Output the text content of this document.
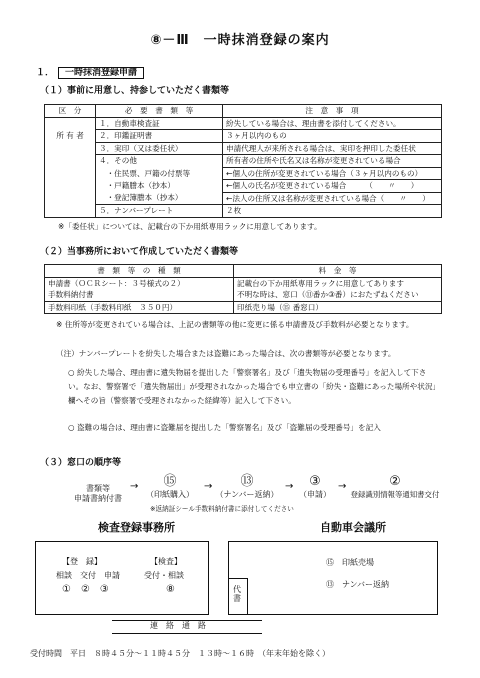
⑧－Ⅲ　一時抹消登録の案内
１． 一時抹消登録申請
（１）事前に用意し、持参していただく書類等
区　分	必　要　書　類　等	注　意　事　項
	１．自動車検査証	紛失している場合は、理由書を添付してください。
所 有 者	２．印鑑証明書	３ヶ月以内のもの
	３．実印（又は委任状）	申請代理人が来所される場合は、実印を押印した委任状
	４．その他	所有者の住所や氏名又は名称が変更されている場合
	　・住民票、戸籍の付票等	←個人の住所が変更されている場合（３ヶ月以内のもの）
	　・戸籍謄本（抄本）	←個人の氏名が変更されている場合　　　（　　〃　　）
	　・登記簿謄本（抄本）	←法人の住所又は名称が変更されている場合（　　〃　　）
	５．ナンバープレート	２枚
※「委任状」については、記載台の下か用紙専用ラックに用意してあります。
（２）当事務所において作成していただく書類等
書　類　等　の　種　類	料　金　等
申請書（ＯＣＲシート：３号様式の２）	記載台の下か用紙専用ラックに用意してあります
手数料納付書	不明な時は、窓口（⑪番か③番）におたずねください
手数料印紙（手数料印紙　３５０円）	印紙売り場（⑮ 番窓口）
※ 住所等が変更されている場合は、上記の書類等の他に変更に係る申請書及び手数料が必要となります。
（注）ナンバープレートを紛失した場合または盗難にあった場合は、次の書類等が必要となります。
○ 紛失した場合、理由書に遺失物届を提出した「警察署名」及び「遺失物届の受理番号」を記入して下さい。なお、警察署で「遺失物届出」が受理されなかった場合でも申立書の「紛失・盗難にあった場所や状況」欄へその旨（警察署で受理されなかった経緯等）記入して下さい。
○ 盗難の場合は、理由書に盗難届を提出した「警察署名」及び「盗難届の受理番号」を記入
（３）窓口の順序等
書類等
申請書納付書
→	⑮
（印紙購入）
→	⑬
（ナンバー返納）
→	③
（申請）
→	②
登録識別情報等通知書交付
※返納証シール手数料納付書に添付してください
検査登録事務所	自動車会議所
【登　録】
相談　交付　申請
①　②　③
【検査】
受付・相談
⑧	代書
⑮　印紙売場
⑬　ナンバー返納
連　絡　通　路
受付時間　平日　８時４５分～１１時４５分　１３時～１６時　（年末年始を除く）
